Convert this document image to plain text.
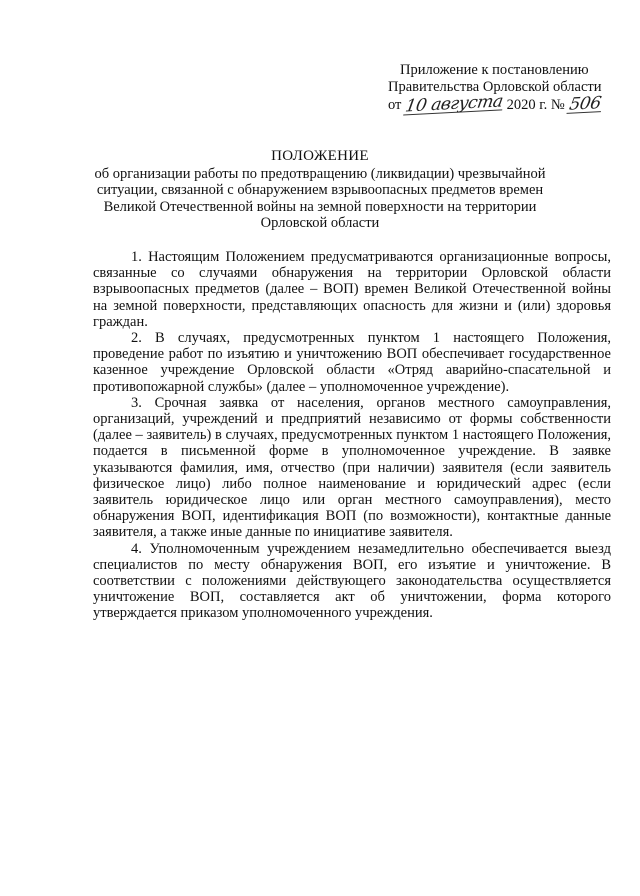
Приложение к постановлению
Правительства Орловской области
от 10 августа 2020 г. № 506
ПОЛОЖЕНИЕ
об организации работы по предотвращению (ликвидации) чрезвычайной ситуации, связанной с обнаружением взрывоопасных предметов времен Великой Отечественной войны на земной поверхности на территории Орловской области

1. Настоящим Положением предусматриваются организационные вопросы, связанные со случаями обнаружения на территории Орловской области взрывоопасных предметов (далее – ВОП) времен Великой Отечественной войны на земной поверхности, представляющих опасность для жизни и (или) здоровья граждан.

2. В случаях, предусмотренных пунктом 1 настоящего Положения, проведение работ по изъятию и уничтожению ВОП обеспечивает государственное казенное учреждение Орловской области «Отряд аварийно-спасательной и противопожарной службы» (далее – уполномоченное учреждение).

3. Срочная заявка от населения, органов местного самоуправления, организаций, учреждений и предприятий независимо от формы собственности (далее – заявитель) в случаях, предусмотренных пунктом 1 настоящего Положения, подается в письменной форме в уполномоченное учреждение. В заявке указываются фамилия, имя, отчество (при наличии) заявителя (если заявитель физическое лицо) либо полное наименование и юридический адрес (если заявитель юридическое лицо или орган местного самоуправления), место обнаружения ВОП, идентификация ВОП (по возможности), контактные данные заявителя, а также иные данные по инициативе заявителя.

4. Уполномоченным учреждением незамедлительно обеспечивается выезд специалистов по месту обнаружения ВОП, его изъятие и уничтожение. В соответствии с положениями действующего законодательства осуществляется уничтожение ВОП, составляется акт об уничтожении, форма которого утверждается приказом уполномоченного учреждения.
